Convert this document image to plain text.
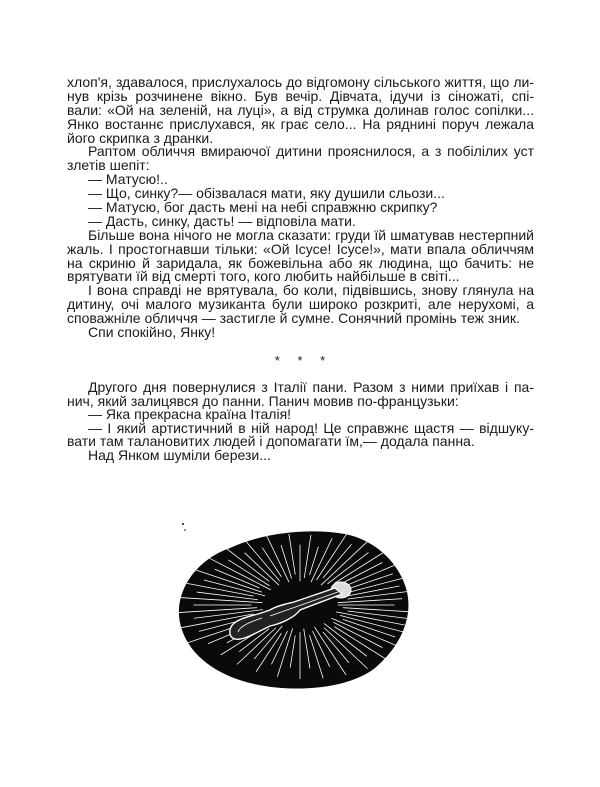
хлоп'я, здавалося, прислухалось до відгомону сільського життя, що ли-
нув крізь розчинене вікно. Був вечір. Дівчата, ідучи із сіножаті, спі-
вали: «Ой на зеленій, на луці», а від струмка долинав голос сопілки...
Янко востаннє прислухався, як грає село... На ряднині поруч лежала
його скрипка з дранки.
Раптом обличчя вмираючої дитини прояснилося, а з побілілих уст
злетів шепіт:
— Матусю!..
— Що, синку?— обізвалася мати, яку душили сльози...
— Матусю, бог дасть мені на небі справжню скрипку?
— Дасть, синку, дасть! — відповіла мати.
Більше вона нічого не могла сказати: груди їй шматував нестерпний
жаль. І простогнавши тільки: «Ой Ісусе! Ісусе!», мати впала обличчям
на скриню й заридала, як божевільна або як людина, що бачить: не
врятувати їй від смерті того, кого любить найбільше в світі...
І вона справді не врятувала, бо коли, підвівшись, знову глянула на
дитину, очі малого музиканта були широко розкриті, але нерухомі, а
споважніле обличчя — застигле й сумне. Сонячний промінь теж зник.
Спи спокійно, Янку!
* * *
Другого дня повернулися з Італії пани. Разом з ними приїхав і па-
нич, який залицявся до панни. Панич мовив по-французьки:
— Яка прекрасна країна Італія!
— І який артистичний в ній народ! Це справжнє щастя — відшуку-
вати там талановитих людей і допомагати їм,— додала панна.
Над Янком шуміли берези...
